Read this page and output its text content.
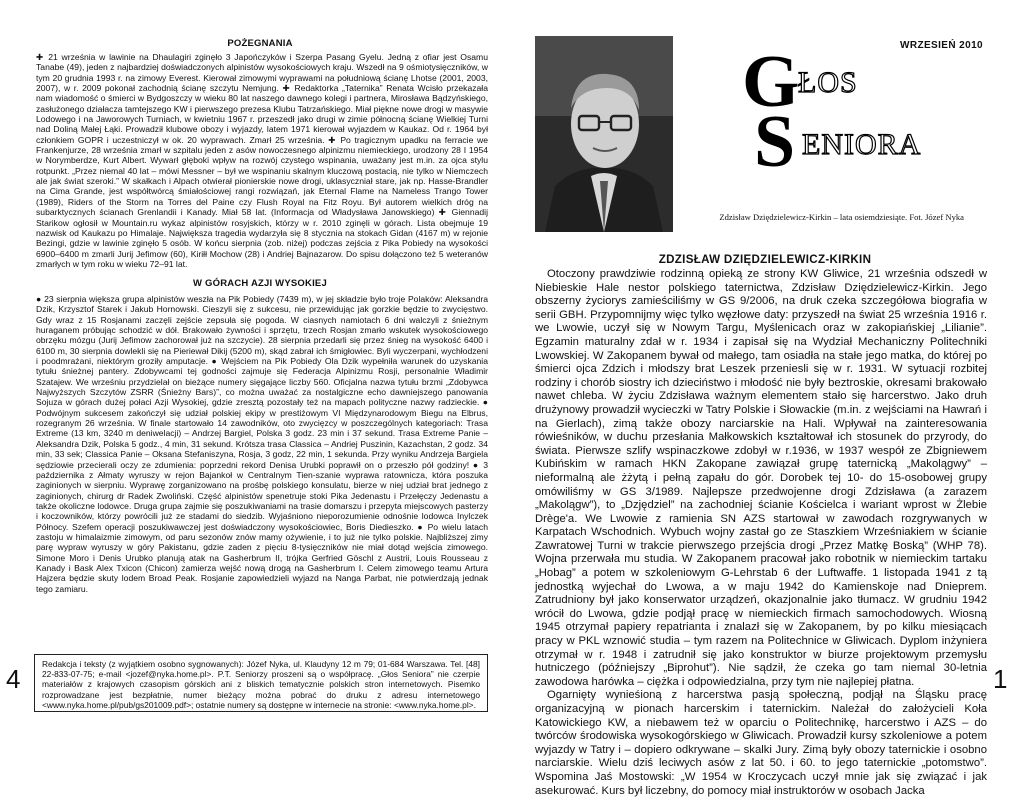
POŻEGNANIA

✚ 21 września w lawinie na Dhaulagiri zginęło 3 Japończyków i Szerpa Pasang Gyelu. Jedną z ofiar jest Osamu Tanabe (49), jeden z najbardziej doświadczonych alpinistów wysokościowych kraju. Wszedł na 9 ośmiotysięczników, w tym 20 grudnia 1993 r. na zimowy Everest. Kierował zimowymi wyprawami na południową ścianę Lhotse (2001, 2003, 2007), w r. 2009 pokonał zachodnią ścianę szczytu Nemjung. ✚ Redaktorka „Taternika” Renata Wcisło przekazała nam wiadomość o śmierci w Bydgoszczy w wieku 80 lat naszego dawnego kolegi i partnera, Mirosława Bądzyńskiego, zasłużonego działacza tamtejszego KW i pierwszego prezesa Klubu Tatrzańskiego. Miał piękne nowe drogi w masywie Lodowego i na Jaworowych Turniach, w kwietniu 1967 r. przeszedł jako drugi w zimie północną ścianę Wielkiej Turni nad Doliną Małej Łąki. Prowadził klubowe obozy i wyjazdy, latem 1971 kierował wyjazdem w Kaukaz. Od r. 1964 był członkiem GOPR i uczestniczył w ok. 20 wyprawach. Zmarł 25 września. ✚ Po tragicznym upadku na ferracie we Frankenjurze, 28 września zmarł w szpitalu jeden z asów nowoczesnego alpinizmu niemieckiego, urodzony 28 I 1954 w Norymberdze, Kurt Albert. Wywarł głęboki wpływ na rozwój czystego wspinania, uważany jest m.in. za ojca stylu rotpunkt. „Przez niemal 40 lat – mówi Messner – był we wspinaniu skalnym kluczową postacią, nie tylko w Niemczech ale jak świat szeroki.” W skałkach i Alpach otwierał pionierskie nowe drogi, uklasyczniał stare, jak np. Hasse-Brandler na Cima Grande, jest współtwórcą śmiałościowej rangi rozwiązań, jak Eternal Flame na Nameless Trango Tower (1989), Riders of the Storm na Torres del Paine czy Flush Royal na Fitz Royu. Był autorem wielkich dróg na subarktycznych ścianach Grenlandii i Kanady. Miał 58 lat. (Informacja od Władysława Janowskiego) ✚ Giennadij Starikow ogłosił w Mountain.ru wykaz alpinistów rosyjskich, którzy w r. 2010 zginęli w górach. Lista obejmuje 19 nazwisk od Kaukazu po Himalaje. Największa tragedia wydarzyła się 8 stycznia na stokach Gidan (4167 m) w rejonie Bezingi, gdzie w lawinie zginęło 5 osób. W końcu sierpnia (zob. niżej) podczas zejścia z Pika Pobiedy na wysokości 6900–6400 m zmarli Jurij Jefimow (60), Kiriłł Mochow (28) i Andriej Bajnazarow. Do spisu dołączono też 5 weteranów zmarłych w tym roku w wieku 72–91 lat.

W GÓRACH AZJI WYSOKIEJ

● 23 sierpnia większa grupa alpinistów weszła na Pik Pobiedy (7439 m), w jej składzie było troje Polaków: Aleksandra Dzik, Krzysztof Starek i Jakub Hornowski. Cieszyli się z sukcesu, nie przewidując jak gorzkie będzie to zwycięstwo. Gdy wraz z 15 Rosjanami zaczęli zejście zepsuła się pogoda. W ciasnych namiotach 6 dni walczyli z śnieżnym huraganem próbując schodzić w dół. Brakowało żywności i sprzętu, trzech Rosjan zmarło wskutek wysokościowego obrzęku mózgu (Jurij Jefimow zachorował już na szczycie). 28 sierpnia przedarli się przez śnieg na wysokość 6400 i 6100 m, 30 sierpnia dowlekli się na Pieriewał Dikij (5200 m), skąd zabrał ich śmigłowiec. Byli wyczerpani, wychłodzeni i poodmrażani, niektórym groziły amputacje. ● Wejściem na Pik Pobiedy Ola Dzik wypełniła warunek do uzyskania tytułu śnieżnej pantery. Zdobywcami tej godności zajmuje się Federacja Alpinizmu Rosji, personalnie Władimir Szatajew. We wrześniu przydzielał on bieżące numery sięgające liczby 560. Oficjalna nazwa tytułu brzmi „Zdobywca Najwyższych Szczytów ZSRR (Śnieżny Bars)”, co można uważać za nostalgiczne echo dawniejszego panowania Sojuza w górach dużej połaci Azji Wysokiej, gdzie zresztą pozostały też na mapach polityczne nazwy radzieckie. ● Podwójnym sukcesem zakończył się udział polskiej ekipy w prestiżowym VI Międzynarodowym Biegu na Elbrus, rozegranym 26 września. W finale startowało 14 zawodników, oto zwycięzcy w poszczególnych kategoriach: Trasa Extreme (13 km, 3240 m deniwelacji) – Andrzej Bargiel, Polska 3 godz. 23 min i 37 sekund. Trasa Extreme Panie – Aleksandra Dzik, Polska 5 godz., 4 min, 31 sekund. Krótsza trasa Classica – Andriej Puszinin, Kazachstan, 2 godz. 34 min, 33 sek; Classica Panie – Oksana Stefaniszyna, Rosja, 3 godz, 22 min, 1 sekunda. Przy wyniku Andrzeja Bargiela sędziowie przecierali oczy ze zdumienia: poprzedni rekord Denisa Urubki poprawił on o przeszło pół godziny! ● 3 października z Ałmaty wyruszy w rejon Bajankoł w Centralnym Tien-szanie wyprawa ratownicza, która poszuka zaginionych w sierpniu. Wyprawę zorganizowano na prośbę polskiego konsulatu, bierze w niej udział brat jednego z zaginionych, chirurg dr Radek Zwoliński. Część alpinistów spenetruje stoki Pika Jedenastu i Przełęczy Jedenastu a także okoliczne lodowce. Druga grupa zajmie się poszukiwaniami na trasie domarszu i przepyta miejscowych pasterzy i koczowników, którzy powrócili już ze stadami do siedzib. Wyjaśniono nieporozumienie odnośnie lodowca Inylczek Północy. Szefem operacji poszukiwawczej jest doświadczony wysokościowiec, Boris Diedieszko. ● Po wielu latach zastoju w himalaizmie zimowym, od paru sezonów znów mamy ożywienie, i to już nie tylko polskie. Najbliższej zimy parę wypraw wyruszy w góry Pakistanu, gdzie zaden z pięciu 8-tysięczników nie miał dotąd wejścia zimowego. Simone Moro i Denis Urubko planują atak na Gasherbrum II, trójka Gerfried Göschl z Austrii, Louis Rousseau z Kanady i Bask Alex Txicon (Chicon) zamierza wejść nową drogą na Gasherbrum I. Celem zimowego teamu Artura Hajzera będzie skuty lodem Broad Peak. Rosjanie zapowiedzieli wyjazd na Nanga Parbat, nie potwierdzają jednak tego zamiaru.

Redakcja i teksty (z wyjątkiem osobno sygnowanych): Józef Nyka, ul. Klaudyny 12 m 79; 01-684 Warszawa. Tel. [48] 22-833-07-75; e-mail <jozef@nyka.home.pl>. P.T. Seniorzy proszeni są o współpracę. „Głos Seniora” nie czerpie materiałów z krajowych czasopism górskich ani z bliskich tematycznie polskich stron internetowych. Pisemko rozprowadzane jest bezpłatnie, numer bieżący można pobrać do druku z adresu internetowego <www.nyka.home.pl/pub/gs201009.pdf>; ostatnie numery są dostępne w internecie na stronie: <www.nyka.home.pl>.
4
WRZESIEŃ 2010
G
ŁOS
S ENIORA
Zdzisław Dziędzielewicz-Kirkin – lata osiemdziesiąte. Fot. Józef Nyka
ZDZISŁAW DZIĘDZIELEWICZ-KIRKIN

Otoczony prawdziwie rodzinną opieką ze strony KW Gliwice, 21 września odszedł w Niebieskie Hale nestor polskiego taternictwa, Zdzisław Dziędzielewicz-Kirkin. Jego obszerny życiorys zamieściliśmy w GS 9/2006, na druk czeka szczegółowa biografia w serii GBH. Przypomnijmy więc tylko węzłowe daty: przyszedł na świat 25 września 1916 r. we Lwowie, uczył się w Nowym Targu, Myślenicach oraz w zakopiańskiej „Lilianie”. Egzamin maturalny zdał w r. 1934 i zapisał się na Wydział Mechaniczny Politechniki Lwowskiej. W Zakopanem bywał od małego, tam osiadła na stałe jego matka, do której po śmierci ojca Zdzich i młodszy brat Leszek przeniesli się w r. 1931. W sytuacji rozbitej rodziny i chorób siostry ich dzieciństwo i młodość nie były beztroskie, okresami brakowało nawet chleba. W życiu Zdzisława ważnym elementem stało się harcerstwo. Jako druh drużynowy prowadził wycieczki w Tatry Polskie i Słowackie (m.in. z wejściami na Hawrań i na Gierlach), zimą także obozy narciarskie na Hali. Wpływał na zainteresowania rówieśników, w duchu przesłania Małkowskich kształtował ich stosunek do przyrody, do świata. Pierwsze szlify wspinaczkowe zdobył w r.1936, w 1937 wespół ze Zbigniewem Kubińskim w ramach HKN Zakopane zawiązał grupę taternicką „Makolągwy” – nieformalną ale żżytą i pełną zapału do gór. Dorobek tej 10- do 15-osobowej grupy omówiliśmy w GS 3/1989. Najlepsze przedwojenne drogi Zdzisława (a zarazem „Makolągw”), to „Dzjędziel” na zachodniej ścianie Kościelca i wariant wprost w Żlebie Drège'a. We Lwowie z ramienia SN AZS startował w zawodach rozgrywanych w Karpatach Wschodnich. Wybuch wojny zastał go ze Staszkiem Wrześniakiem w ścianie Zawratowej Turni w trakcie pierwszego przejścia drogi „Przez Matkę Boską” (WHP 78). Wojna przerwała mu studia. W Zakopanem pracował jako robotnik w niemieckim tartaku „Hobag” a potem w szkoleniowym G-Lehrstab 6 der Luftwaffe. 1 listopada 1941 z tą jednostką wyjechał do Lwowa, a w maju 1942 do Kamienskoje nad Dnieprem. Zatrudniony był jako konserwator urządzeń, okazjonalnie jako tłumacz. W grudniu 1942 wrócił do Lwowa, gdzie podjął pracę w niemieckich firmach samochodowych. Wiosną 1945 otrzymał papiery repatrianta i znalazł się w Zakopanem, by po kilku miesiącach pracy w PKL wznowić studia – tym razem na Politechnice w Gliwicach. Dyplom inżyniera otrzymał w r. 1948 i zatrudnił się jako konstruktor w biurze projektowym przemysłu hutniczego (późniejszy „Biprohut”). Nie sądził, że czeka go tam niemal 30-letnia zawodowa harówka – ciężka i odpowiedzialna, przy tym nie najlepiej płatna.

Ogarnięty wynieśioną z harcerstwa pasją społeczną, podjął na Śląsku pracę organizacyjną w pionach harcerskim i taternickim. Należał do założycieli Koła Katowickiego KW, a niebawem też w oparciu o Politechnikę, harcerstwo i AZS – do twórców środowiska wysokogórskiego w Gliwicach. Prowadził kursy szkoleniowe a potem wyjazdy w Tatry i – dopiero odkrywane – skalki Jury. Zimą były obozy taternickie i osobno narciarskie. Wielu dziś leciwych asów z lat 50. i 60. to jego taternickie „potomstwo”. Wspomina Jaś Mostowski: „W 1954 w Kroczycach uczył mnie jak się związać i jak asekurować. Kurs był liczebny, do pomocy miał instruktorów w osobach Jacka

1
